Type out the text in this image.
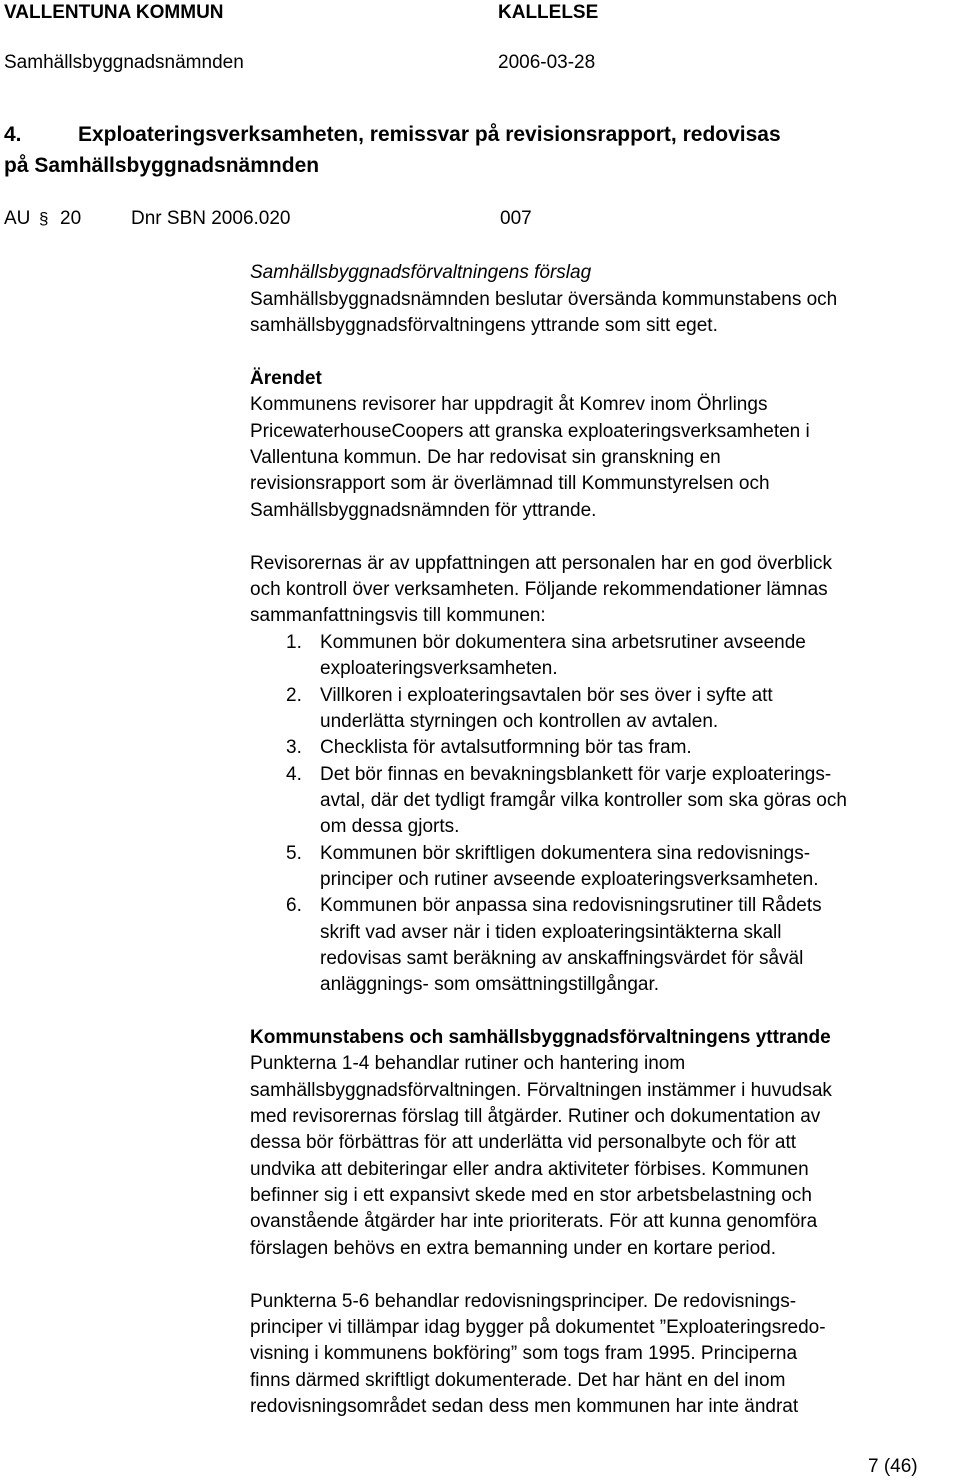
VALLENTUNA KOMMUN	KALLELSE
Samhällsbyggnadsnämnden	2006-03-28
4.	Exploateringsverksamheten, remissvar på revisionsrapport, redovisas
på Samhällsbyggnadsnämnden
AU § 20	Dnr SBN 2006.020	007
Samhällsbyggnadsförvaltningens förslag
Samhällsbyggnadsnämnden beslutar översända kommunstabens och
samhällsbyggnadsförvaltningens yttrande som sitt eget.
Ärendet
Kommunens revisorer har uppdragit åt Komrev inom Öhrlings
PricewaterhouseCoopers att granska exploateringsverksamheten i
Vallentuna kommun. De har redovisat sin granskning en
revisionsrapport som är överlämnad till Kommunstyrelsen och
Samhällsbyggnadsnämnden för yttrande.
Revisorernas är av uppfattningen att personalen har en god överblick
och kontroll över verksamheten. Följande rekommendationer lämnas
sammanfattningsvis till kommunen:
1. Kommunen bör dokumentera sina arbetsrutiner avseende
exploateringsverksamheten.
2. Villkoren i exploateringsavtalen bör ses över i syfte att
underlätta styrningen och kontrollen av avtalen.
3. Checklista för avtalsutformning bör tas fram.
4. Det bör finnas en bevakningsblankett för varje exploaterings-
avtal, där det tydligt framgår vilka kontroller som ska göras och
om dessa gjorts.
5. Kommunen bör skriftligen dokumentera sina redovisnings-
principer och rutiner avseende exploateringsverksamheten.
6. Kommunen bör anpassa sina redovisningsrutiner till Rådets
skrift vad avser när i tiden exploateringsintäkterna skall
redovisas samt beräkning av anskaffningsvärdet för såväl
anläggnings- som omsättningstillgångar.
Kommunstabens och samhällsbyggnadsförvaltningens yttrande
Punkterna 1-4 behandlar rutiner och hantering inom
samhällsbyggnadsförvaltningen. Förvaltningen instämmer i huvudsak
med revisorernas förslag till åtgärder. Rutiner och dokumentation av
dessa bör förbättras för att underlätta vid personalbyte och för att
undvika att debiteringar eller andra aktiviteter förbises. Kommunen
befinner sig i ett expansivt skede med en stor arbetsbelastning och
ovanstående åtgärder har inte prioriterats. För att kunna genomföra
förslagen behövs en extra bemanning under en kortare period.
Punkterna 5-6 behandlar redovisningsprinciper. De redovisnings-
principer vi tillämpar idag bygger på dokumentet ”Exploateringsredo-
visning i kommunens bokföring” som togs fram 1995. Principerna
finns därmed skriftligt dokumenterade. Det har hänt en del inom
redovisningsområdet sedan dess men kommunen har inte ändrat
7 (46)
